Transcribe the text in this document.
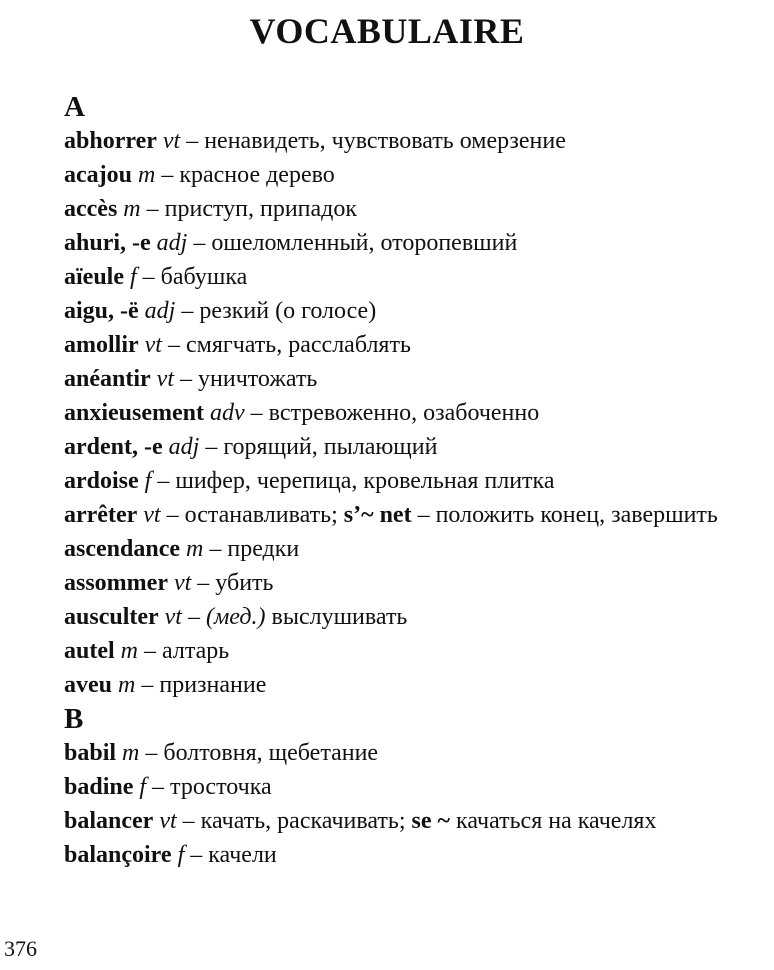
VOCABULAIRE
A
abhorrer vt – ненавидеть, чувствовать омерзение
acajou m – красное дерево
accès m – приступ, припадок
ahuri, -e adj – ошеломленный, оторопевший
aïeule f – бабушка
aigu, -ë adj – резкий (о голосе)
amollir vt – смягчать, расслаблять
anéantir vt – уничтожать
anxieusement adv – встревоженно, озабоченно
ardent, -e adj – горящий, пылающий
ardoise f – шифер, черепица, кровельная плитка
arrêter vt – останавливать; s’~ net – положить конец, завершить
ascendance m – предки
assommer vt – убить
ausculter vt – (мед.) выслушивать
autel m – алтарь
aveu m – признание
B
babil m – болтовня, щебетание
badine f – тросточка
balancer vt – качать, раскачивать; se ~ качаться на качелях
balançoire f – качели
376
